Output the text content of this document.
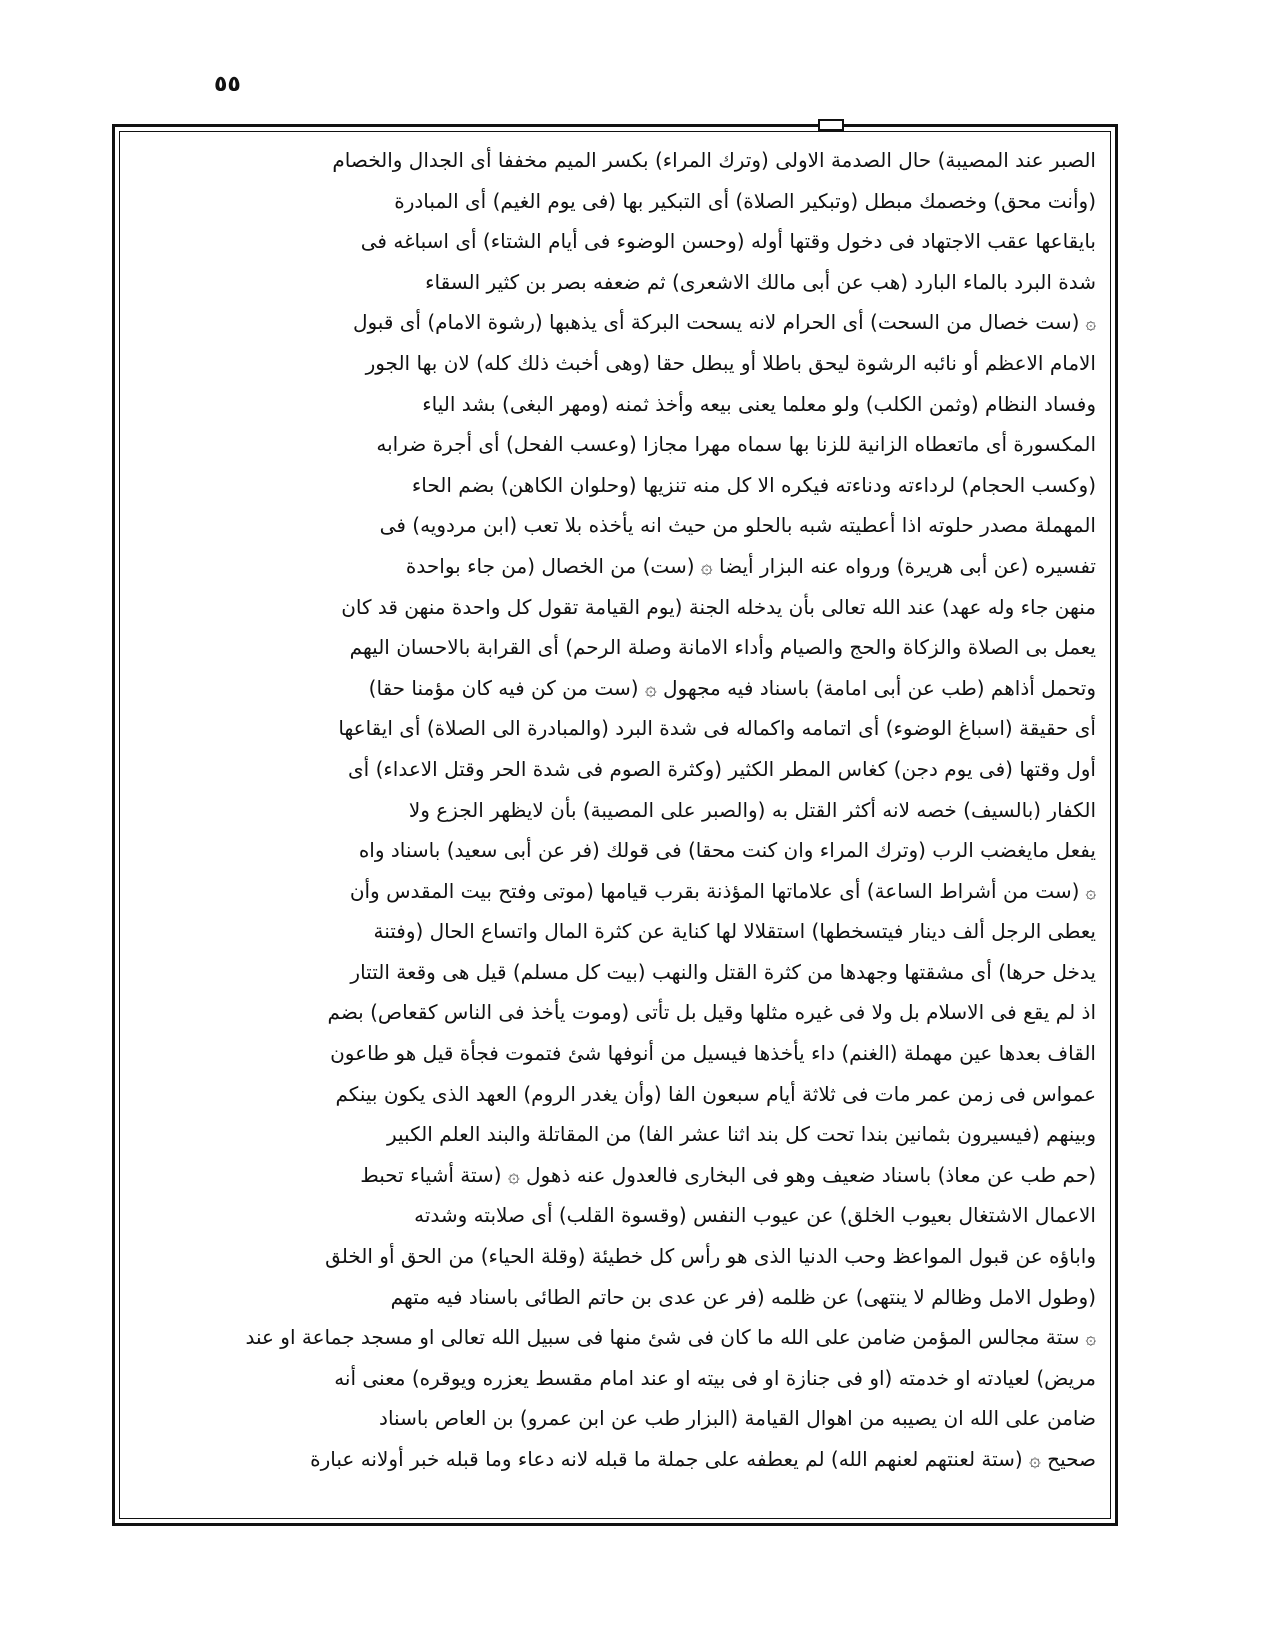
٥٥
الصبر عند المصيبة) حال الصدمة الاولى (وترك المراء) بكسر الميم مخففا أى الجدال والخصام
(وأنت محق) وخصمك مبطل (وتبكير الصلاة) أى التبكير بها (فى يوم الغيم) أى المبادرة
بايقاعها عقب الاجتهاد فى دخول وقتها أوله (وحسن الوضوء فى أيام الشتاء) أى اسباغه فى
شدة البرد بالماء البارد (هب عن أبى مالك الاشعرى) ثم ضعفه بصر بن كثير السقاء
۞(ست خصال من السحت) أى الحرام لانه يسحت البركة أى يذهبها (رشوة الامام) أى قبول
الامام الاعظم أو نائبه الرشوة ليحق باطلا أو يبطل حقا (وهى أخبث ذلك كله) لان بها الجور
وفساد النظام (وثمن الكلب) ولو معلما يعنى بيعه وأخذ ثمنه (ومهر البغى) بشد الياء
المكسورة أى ماتعطاه الزانية للزنا بها سماه مهرا مجازا (وعسب الفحل) أى أجرة ضرابه
(وكسب الحجام) لرداءته ودناءته فيكره الا كل منه تنزيها (وحلوان الكاهن) بضم الحاء
المهملة مصدر حلوته اذا أعطيته شبه بالحلو من حيث انه يأخذه بلا تعب (ابن مردويه) فى
تفسيره (عن أبى هريرة) ورواه عنه البزار أيضا ۞ (ست) من الخصال (من جاء بواحدة
منهن جاء وله عهد) عند الله تعالى بأن يدخله الجنة (يوم القيامة تقول كل واحدة منهن قد كان
يعمل بى الصلاة والزكاة والحج والصيام وأداء الامانة وصلة الرحم) أى القرابة بالاحسان اليهم
وتحمل أذاهم (طب عن أبى امامة) باسناد فيه مجهول ۞ (ست من كن فيه كان مؤمنا حقا)
أى حقيقة (اسباغ الوضوء) أى اتمامه واكماله فى شدة البرد (والمبادرة الى الصلاة) أى ايقاعها
أول وقتها (فى يوم دجن) كغاس المطر الكثير (وكثرة الصوم فى شدة الحر وقتل الاعداء) أى
الكفار (بالسيف) خصه لانه أكثر القتل به (والصبر على المصيبة) بأن لايظهر الجزع ولا
يفعل مايغضب الرب (وترك المراء وان كنت محقا) فى قولك (فر عن أبى سعيد) باسناد واه
۞(ست من أشراط الساعة) أى علاماتها المؤذنة بقرب قيامها (موتى وفتح بيت المقدس وأن
يعطى الرجل ألف دينار فيتسخطها) استقلالا لها كناية عن كثرة المال واتساع الحال (وفتنة
يدخل حرها) أى مشقتها وجهدها من كثرة القتل والنهب (بيت كل مسلم) قيل هى وقعة التتار
اذ لم يقع فى الاسلام بل ولا فى غيره مثلها وقيل بل تأتى (وموت يأخذ فى الناس كقعاص) بضم
القاف بعدها عين مهملة (الغنم) داء يأخذها فيسيل من أنوفها شئ فتموت فجأة قيل هو طاعون
عمواس فى زمن عمر مات فى ثلاثة أيام سبعون الفا (وأن يغدر الروم) العهد الذى يكون بينكم
وبينهم (فيسيرون بثمانين بندا تحت كل بند اثنا عشر الفا) من المقاتلة والبند العلم الكبير
(حم طب عن معاذ) باسناد ضعيف وهو فى البخارى فالعدول عنه ذهول ۞ (ستة أشياء تحبط
الاعمال الاشتغال بعيوب الخلق) عن عيوب النفس (وقسوة القلب) أى صلابته وشدته
واباؤه عن قبول المواعظ وحب الدنيا الذى هو رأس كل خطيئة (وقلة الحياء) من الحق أو الخلق
(وطول الامل وظالم لا ينتهى) عن ظلمه (فر عن عدى بن حاتم الطائى باسناد فيه متهم
۞ستة مجالس المؤمن ضامن على الله ما كان فى شئ منها فى سبيل الله تعالى او مسجد جماعة او عند
مريض) لعيادته او خدمته (او فى جنازة او فى بيته او عند امام مقسط يعزره ويوقره) معنى أنه
ضامن على الله ان يصيبه من اهوال القيامة (البزار طب عن ابن عمرو) بن العاص باسناد
صحيح ۞ (ستة لعنتهم لعنهم الله) لم يعطفه على جملة ما قبله لانه دعاء وما قبله خبر أولانه عبارة
